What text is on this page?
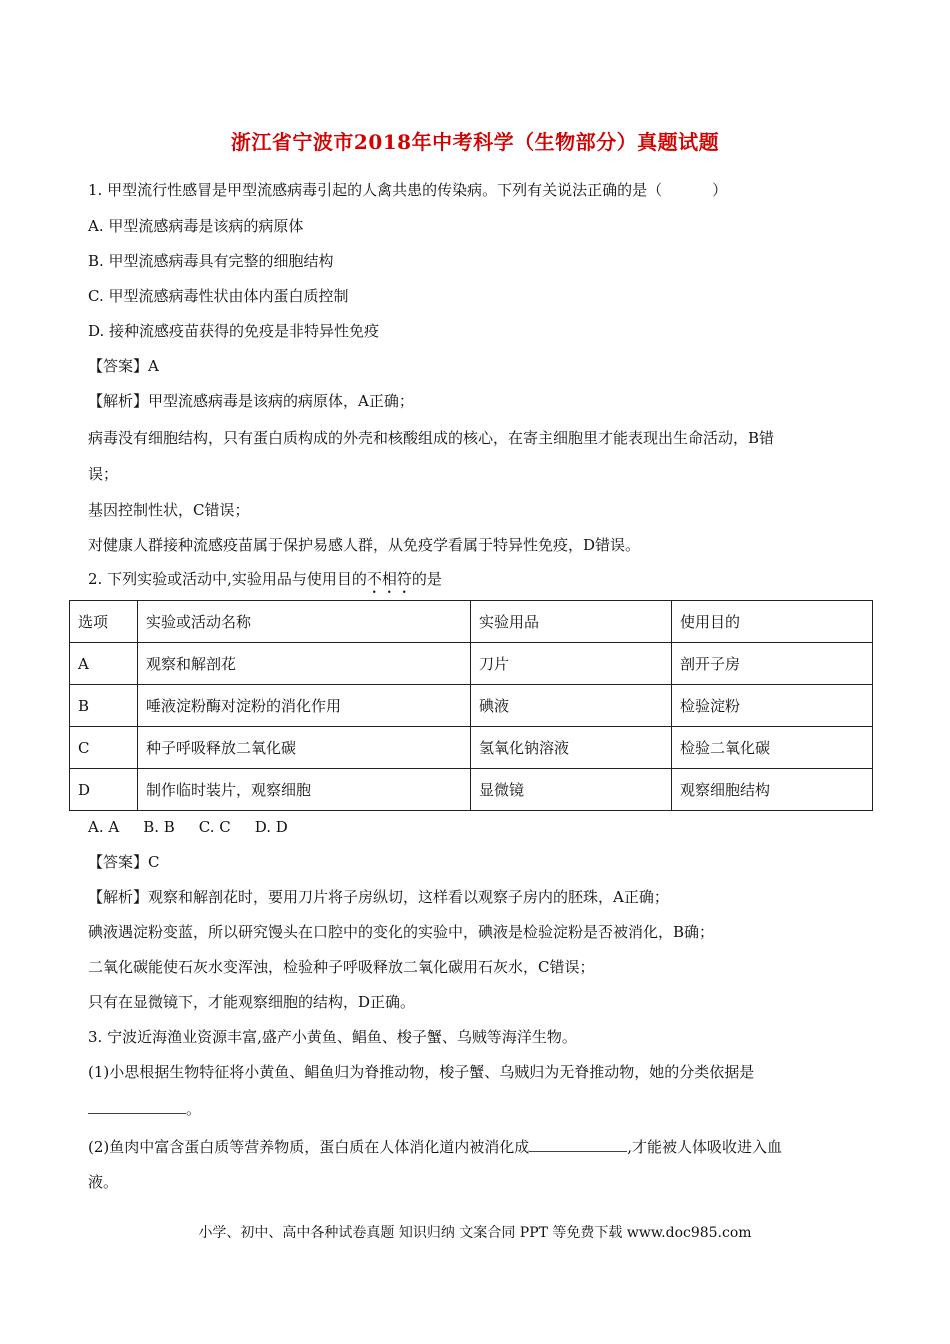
浙江省宁波市2018年中考科学（生物部分）真题试题
1. 甲型流行性感冒是甲型流感病毒引起的人禽共患的传染病。下列有关说法正确的是（	）
A. 甲型流感病毒是该病的病原体
B. 甲型流感病毒具有完整的细胞结构
C. 甲型流感病毒性状由体内蛋白质控制
D. 接种流感疫苗获得的免疫是非特异性免疫
【答案】A
【解析】甲型流感病毒是该病的病原体，A正确；
病毒没有细胞结构，只有蛋白质构成的外壳和核酸组成的核心，在寄主细胞里才能表现出生命活动，B错
误；
基因控制性状，C错误；
对健康人群接种流感疫苗属于保护易感人群，从免疫学看属于特异性免疫，D错误。
2. 下列实验或活动中,实验用品与使用目的不相符的是
选项	实验或活动名称	实验用品	使用目的
A	观察和解剖花	刀片	剖开子房
B	唾液淀粉酶对淀粉的消化作用	碘液	检验淀粉
C	种子呼吸释放二氧化碳	氢氧化钠溶液	检验二氧化碳
D	制作临时装片，观察细胞	显微镜	观察细胞结构
A. A B. B C. C D. D
【答案】C
【解析】观察和解剖花时，要用刀片将子房纵切，这样看以观察子房内的胚珠，A正确；
碘液遇淀粉变蓝，所以研究馒头在口腔中的变化的实验中，碘液是检验淀粉是否被消化，B确；
二氧化碳能使石灰水变浑浊，检验种子呼吸释放二氧化碳用石灰水，C错误；
只有在显微镜下，才能观察细胞的结构，D正确。
3. 宁波近海渔业资源丰富,盛产小黄鱼、鲳鱼、梭子蟹、乌贼等海洋生物。
(1)小思根据生物特征将小黄鱼、鲳鱼归为脊推动物，梭子蟹、乌贼归为无脊推动物，她的分类依据是
。
(2)鱼肉中富含蛋白质等营养物质，蛋白质在人体消化道内被消化成	,才能被人体吸收进入血
液。
小学、初中、高中各种试卷真题 知识归纳 文案合同 PPT 等免费下载 www.doc985.com
